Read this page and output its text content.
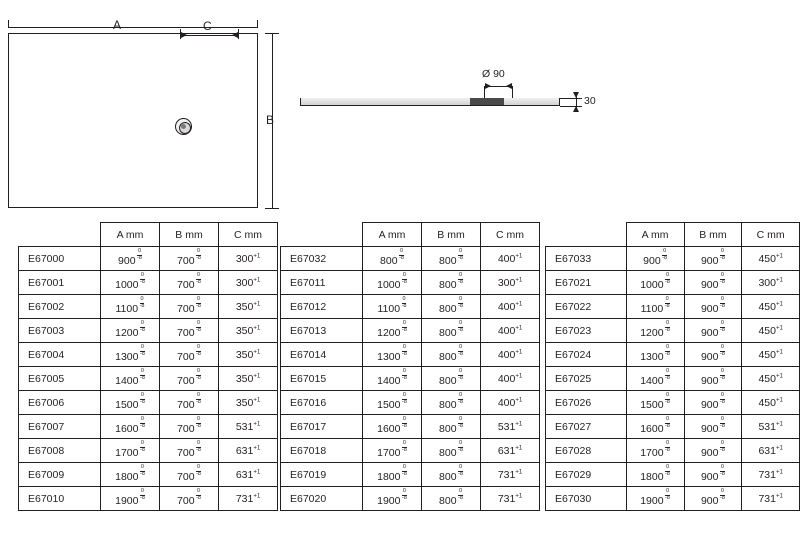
A	C
B
Ø 90
30
	A mm	B mm	C mm
E67000	$900 \frac{0}{-8}$	$700 \frac{0}{-8}$	$300^{+1}$
E67001	$1000 \frac{0}{-8}$	$700 \frac{0}{-8}$	$300^{+1}$
E67002	$1100 \frac{0}{-8}$	$700 \frac{0}{-8}$	$350^{+1}$
E67003	$1200 \frac{0}{-8}$	$700 \frac{0}{-8}$	$350^{+1}$
E67004	$1300 \frac{0}{-8}$	$700 \frac{0}{-8}$	$350^{+1}$
E67005	$1400 \frac{0}{-8}$	$700 \frac{0}{-8}$	$350^{+1}$
E67006	$1500 \frac{0}{-8}$	$700 \frac{0}{-8}$	$350^{+1}$
E67007	$1600 \frac{0}{-8}$	$700 \frac{0}{-8}$	$531^{+1}$
E67008	$1700 \frac{0}{-8}$	$700 \frac{0}{-8}$	$631^{+1}$
E67009	$1800 \frac{0}{-8}$	$700 \frac{0}{-8}$	$631^{+1}$
E67010	$1900 \frac{0}{-8}$	$700 \frac{0}{-8}$	$731^{+1}$
	A mm	B mm	C mm
E67032	$800 \frac{0}{-8}$	$800 \frac{0}{-8}$	$400^{+1}$
E67011	$1000 \frac{0}{-8}$	$800 \frac{0}{-8}$	$300^{+1}$
E67012	$1100 \frac{0}{-8}$	$800 \frac{0}{-8}$	$400^{+1}$
E67013	$1200 \frac{0}{-8}$	$800 \frac{0}{-8}$	$400^{+1}$
E67014	$1300 \frac{0}{-8}$	$800 \frac{0}{-8}$	$400^{+1}$
E67015	$1400 \frac{0}{-8}$	$800 \frac{0}{-8}$	$400^{+1}$
E67016	$1500 \frac{0}{-8}$	$800 \frac{0}{-8}$	$400^{+1}$
E67017	$1600 \frac{0}{-8}$	$800 \frac{0}{-8}$	$531^{+1}$
E67018	$1700 \frac{0}{-8}$	$800 \frac{0}{-8}$	$631^{+1}$
E67019	$1800 \frac{0}{-8}$	$800 \frac{0}{-8}$	$731^{+1}$
E67020	$1900 \frac{0}{-8}$	$800 \frac{0}{-8}$	$731^{+1}$
	A mm	B mm	C mm
E67033	$900 \frac{0}{-8}$	$900 \frac{0}{-8}$	$450^{+1}$
E67021	$1000 \frac{0}{-8}$	$900 \frac{0}{-8}$	$300^{+1}$
E67022	$1100 \frac{0}{-8}$	$900 \frac{0}{-8}$	$450^{+1}$
E67023	$1200 \frac{0}{-8}$	$900 \frac{0}{-8}$	$450^{+1}$
E67024	$1300 \frac{0}{-8}$	$900 \frac{0}{-8}$	$450^{+1}$
E67025	$1400 \frac{0}{-8}$	$900 \frac{0}{-8}$	$450^{+1}$
E67026	$1500 \frac{0}{-8}$	$900 \frac{0}{-8}$	$450^{+1}$
E67027	$1600 \frac{0}{-8}$	$900 \frac{0}{-8}$	$531^{+1}$
E67028	$1700 \frac{0}{-8}$	$900 \frac{0}{-8}$	$631^{+1}$
E67029	$1800 \frac{0}{-8}$	$900 \frac{0}{-8}$	$731^{+1}$
E67030	$1900 \frac{0}{-8}$	$900 \frac{0}{-8}$	$731^{+1}$
